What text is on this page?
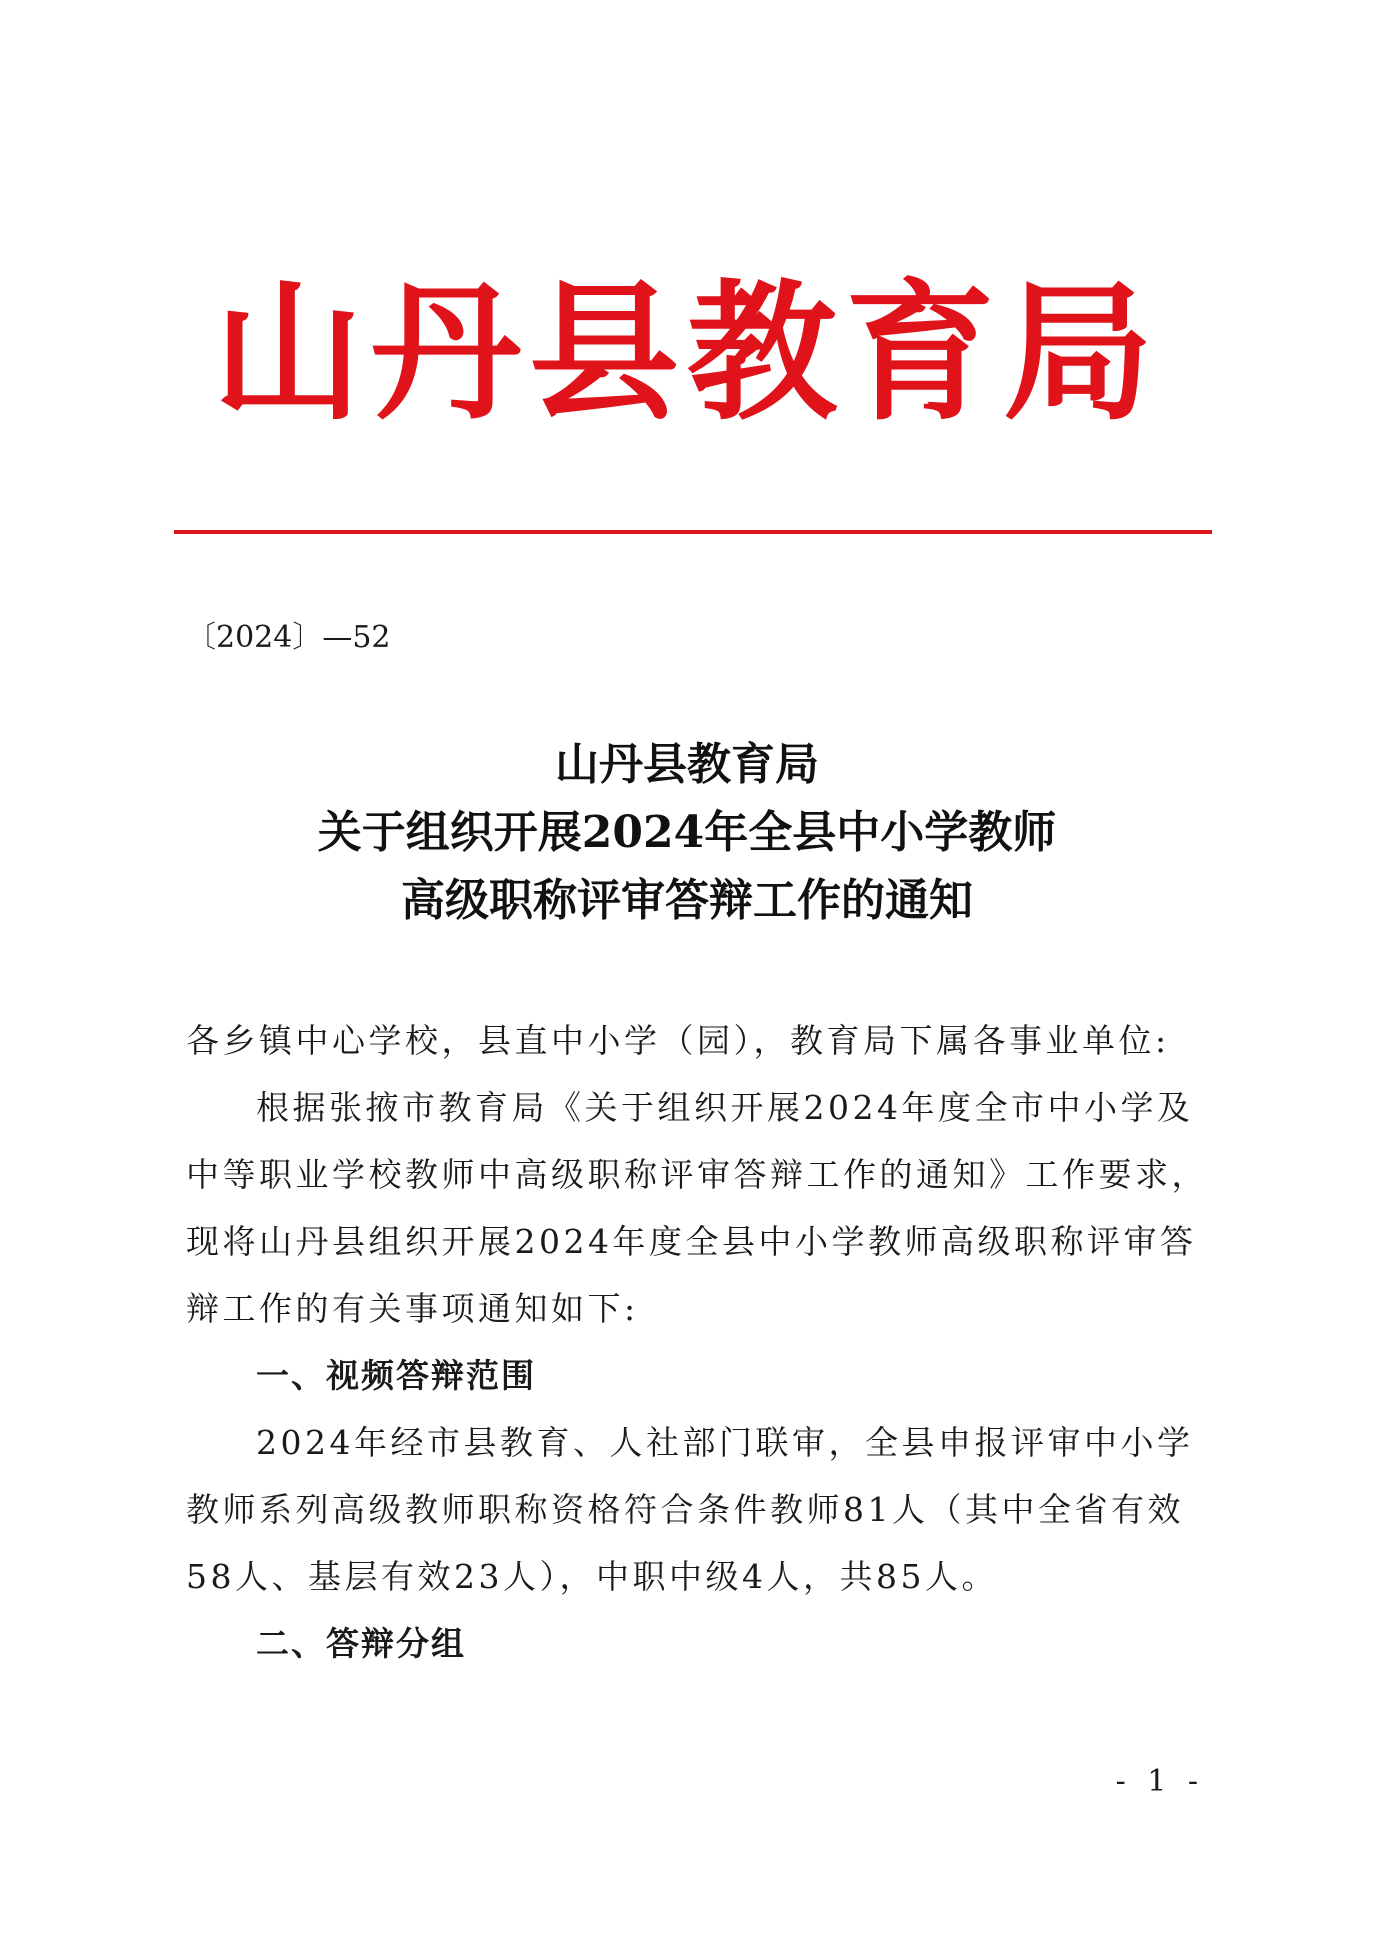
山丹县教育局
〔2024〕—52
山丹县教育局
关于组织开展2024年全县中小学教师
高级职称评审答辩工作的通知
各乡镇中心学校，县直中小学（园），教育局下属各事业单位:
根据张掖市教育局《关于组织开展2024年度全市中小学及
中等职业学校教师中高级职称评审答辩工作的通知》工作要求，
现将山丹县组织开展2024年度全县中小学教师高级职称评审答
辩工作的有关事项通知如下:
一、视频答辩范围
2024年经市县教育、人社部门联审，全县申报评审中小学
教师系列高级教师职称资格符合条件教师81人（其中全省有效
58人、基层有效23人），中职中级4人，共85人。
二、答辩分组
- 1 -
